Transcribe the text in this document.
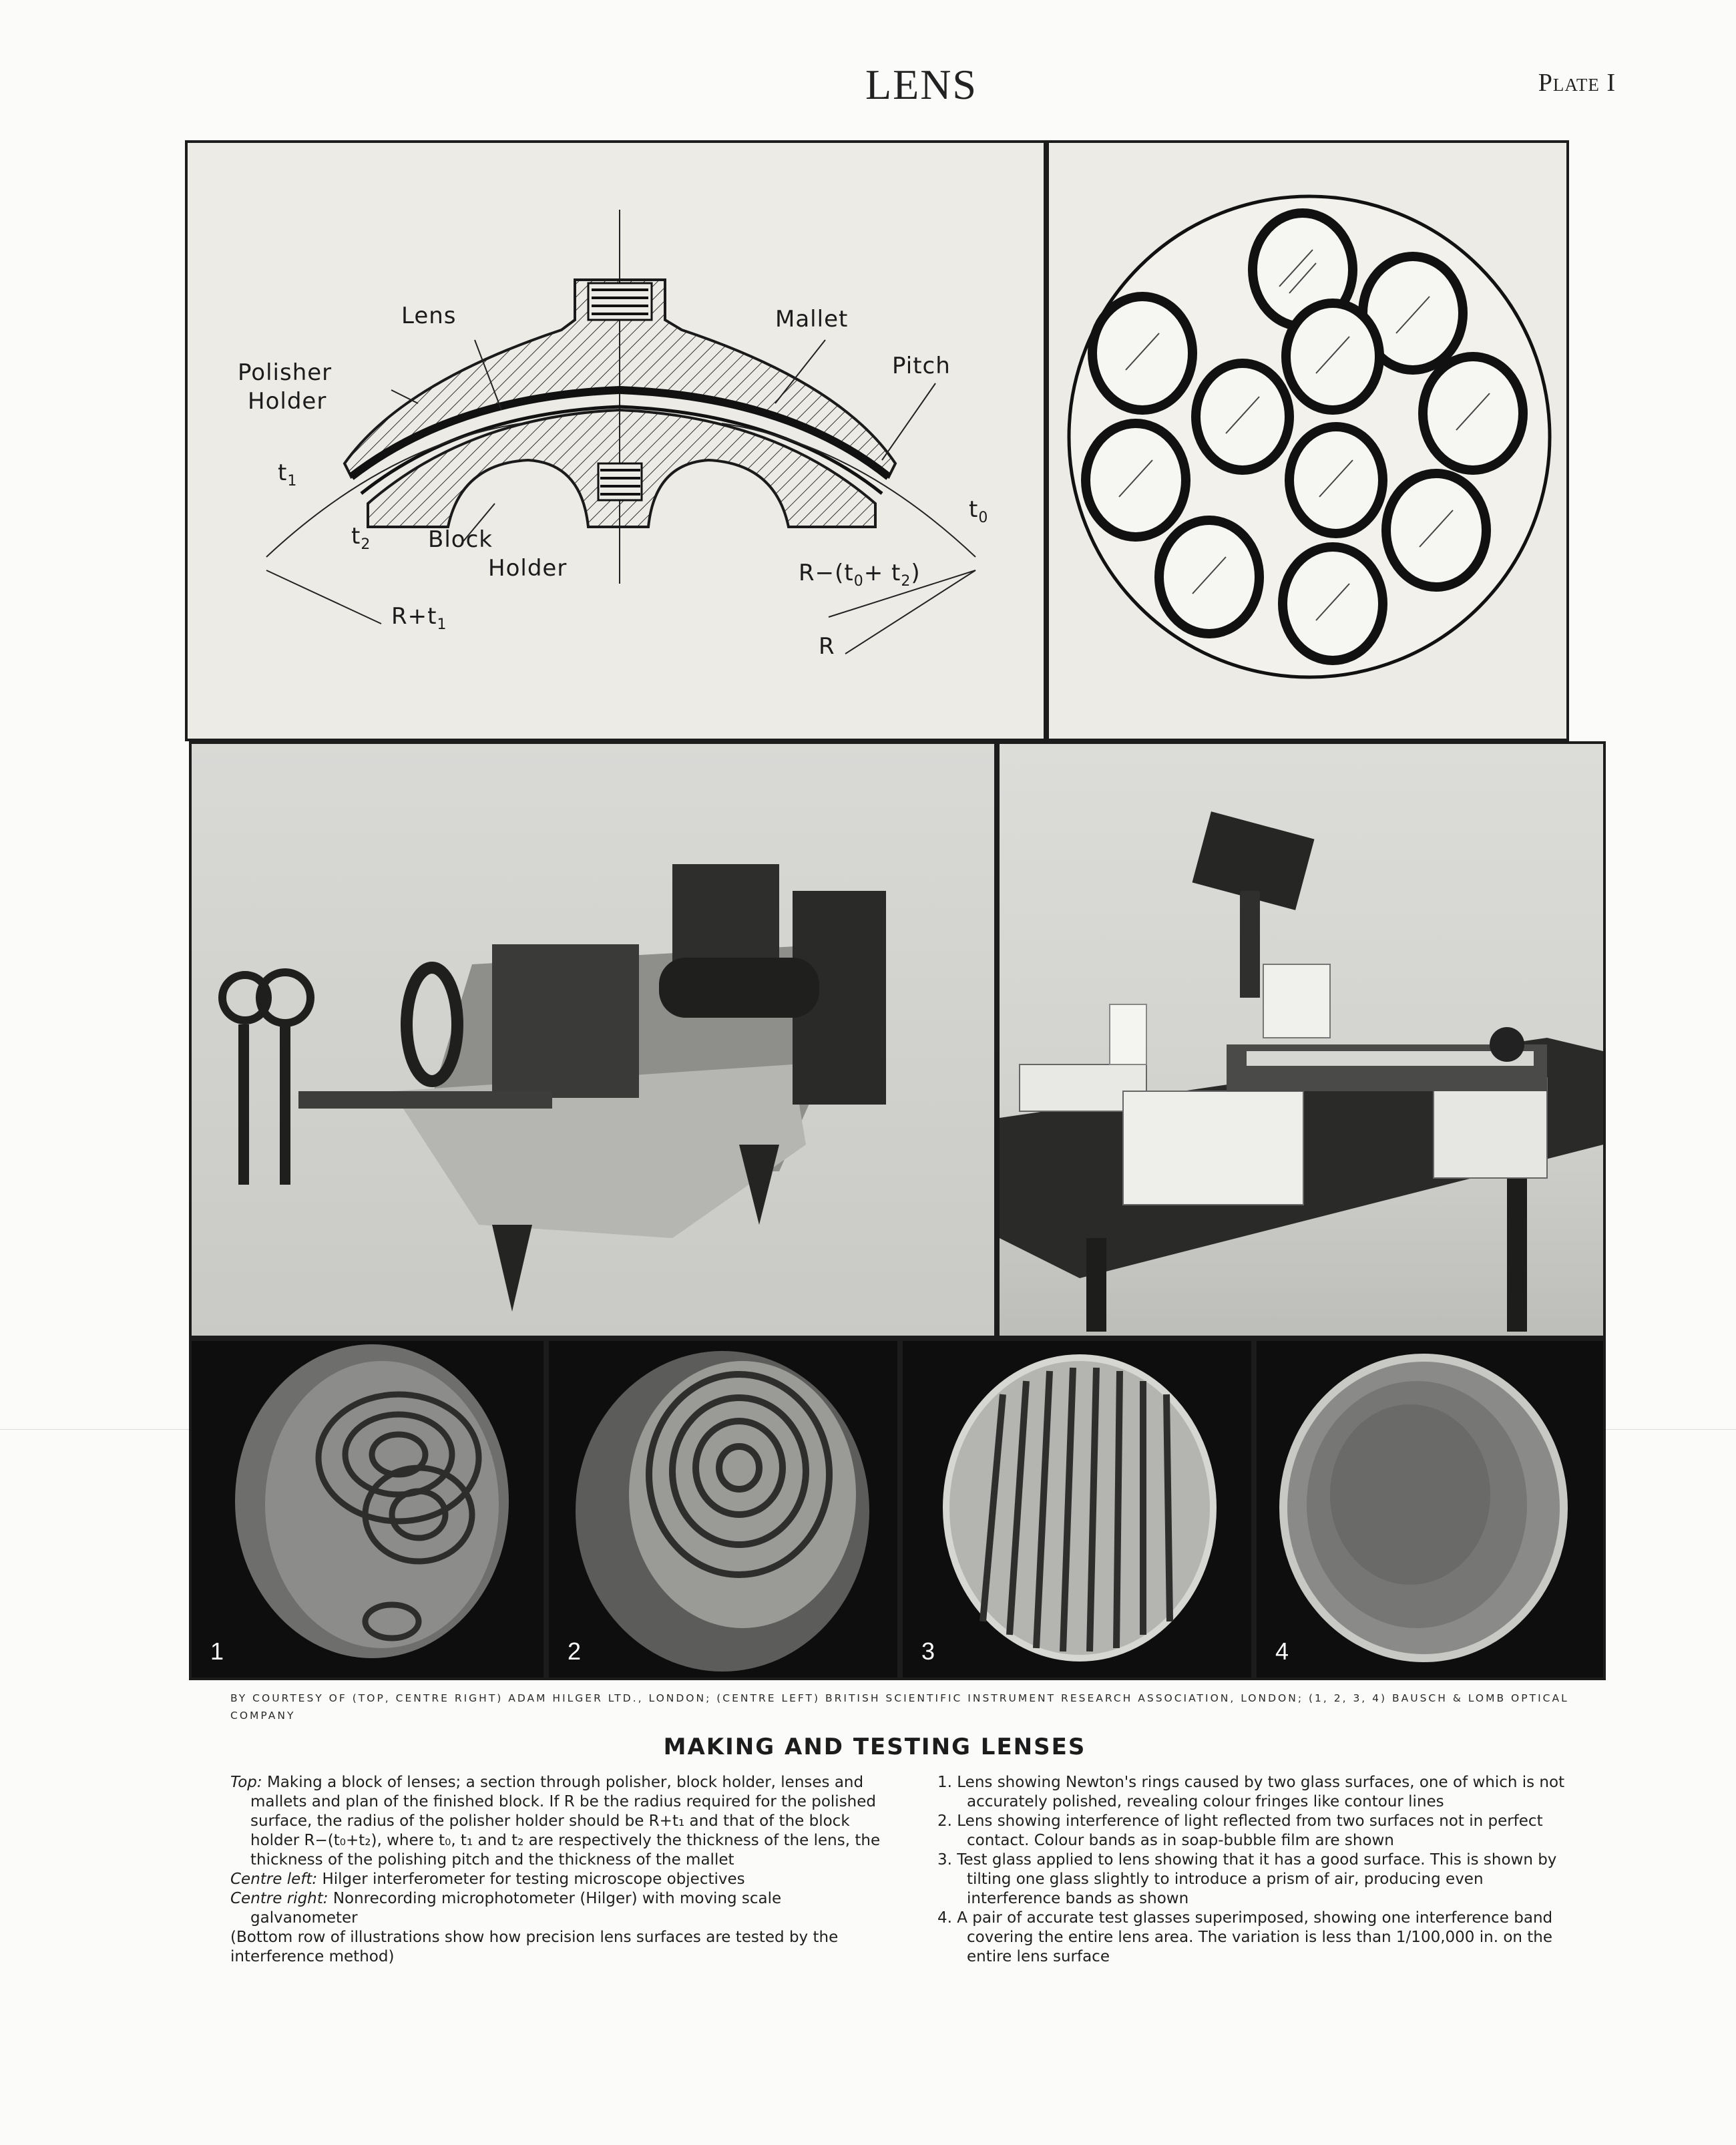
LENS	Plate I
Lens	Mallet
Polisher
Holder
Pitch
$t_1$
$t_2$
$t_0$
Block
Holder	$R-(t_0+ t_2)$
$R+t_1$
R
1	2	3	4
BY COURTESY OF (TOP, CENTRE RIGHT) ADAM HILGER LTD., LONDON; (CENTRE LEFT) BRITISH SCIENTIFIC INSTRUMENT RESEARCH ASSOCIATION, LONDON; (1, 2, 3, 4) BAUSCH & LOMB OPTICAL COMPANY
MAKING AND TESTING LENSES

Top: Making a block of lenses; a section through polisher, block holder, lenses and mallets and plan of the finished block. If R be the radius required for the polished surface, the radius of the polisher holder should be R+t₁ and that of the block holder R−(t₀+t₂), where t₀, t₁ and t₂ are respectively the thickness of the lens, the thickness of the polishing pitch and the thickness of the mallet

Centre left: Hilger interferometer for testing microscope objectives

Centre right: Nonrecording microphotometer (Hilger) with moving scale galvanometer

(Bottom row of illustrations show how precision lens surfaces are tested by the interference method)

1. Lens showing Newton's rings caused by two glass surfaces, one of which is not accurately polished, revealing colour fringes like contour lines

2. Lens showing interference of light reflected from two surfaces not in perfect contact. Colour bands as in soap-bubble film are shown

3. Test glass applied to lens showing that it has a good surface. This is shown by tilting one glass slightly to introduce a prism of air, producing even interference bands as shown

4. A pair of accurate test glasses superimposed, showing one interference band covering the entire lens area. The variation is less than 1/100,000 in. on the entire lens surface
